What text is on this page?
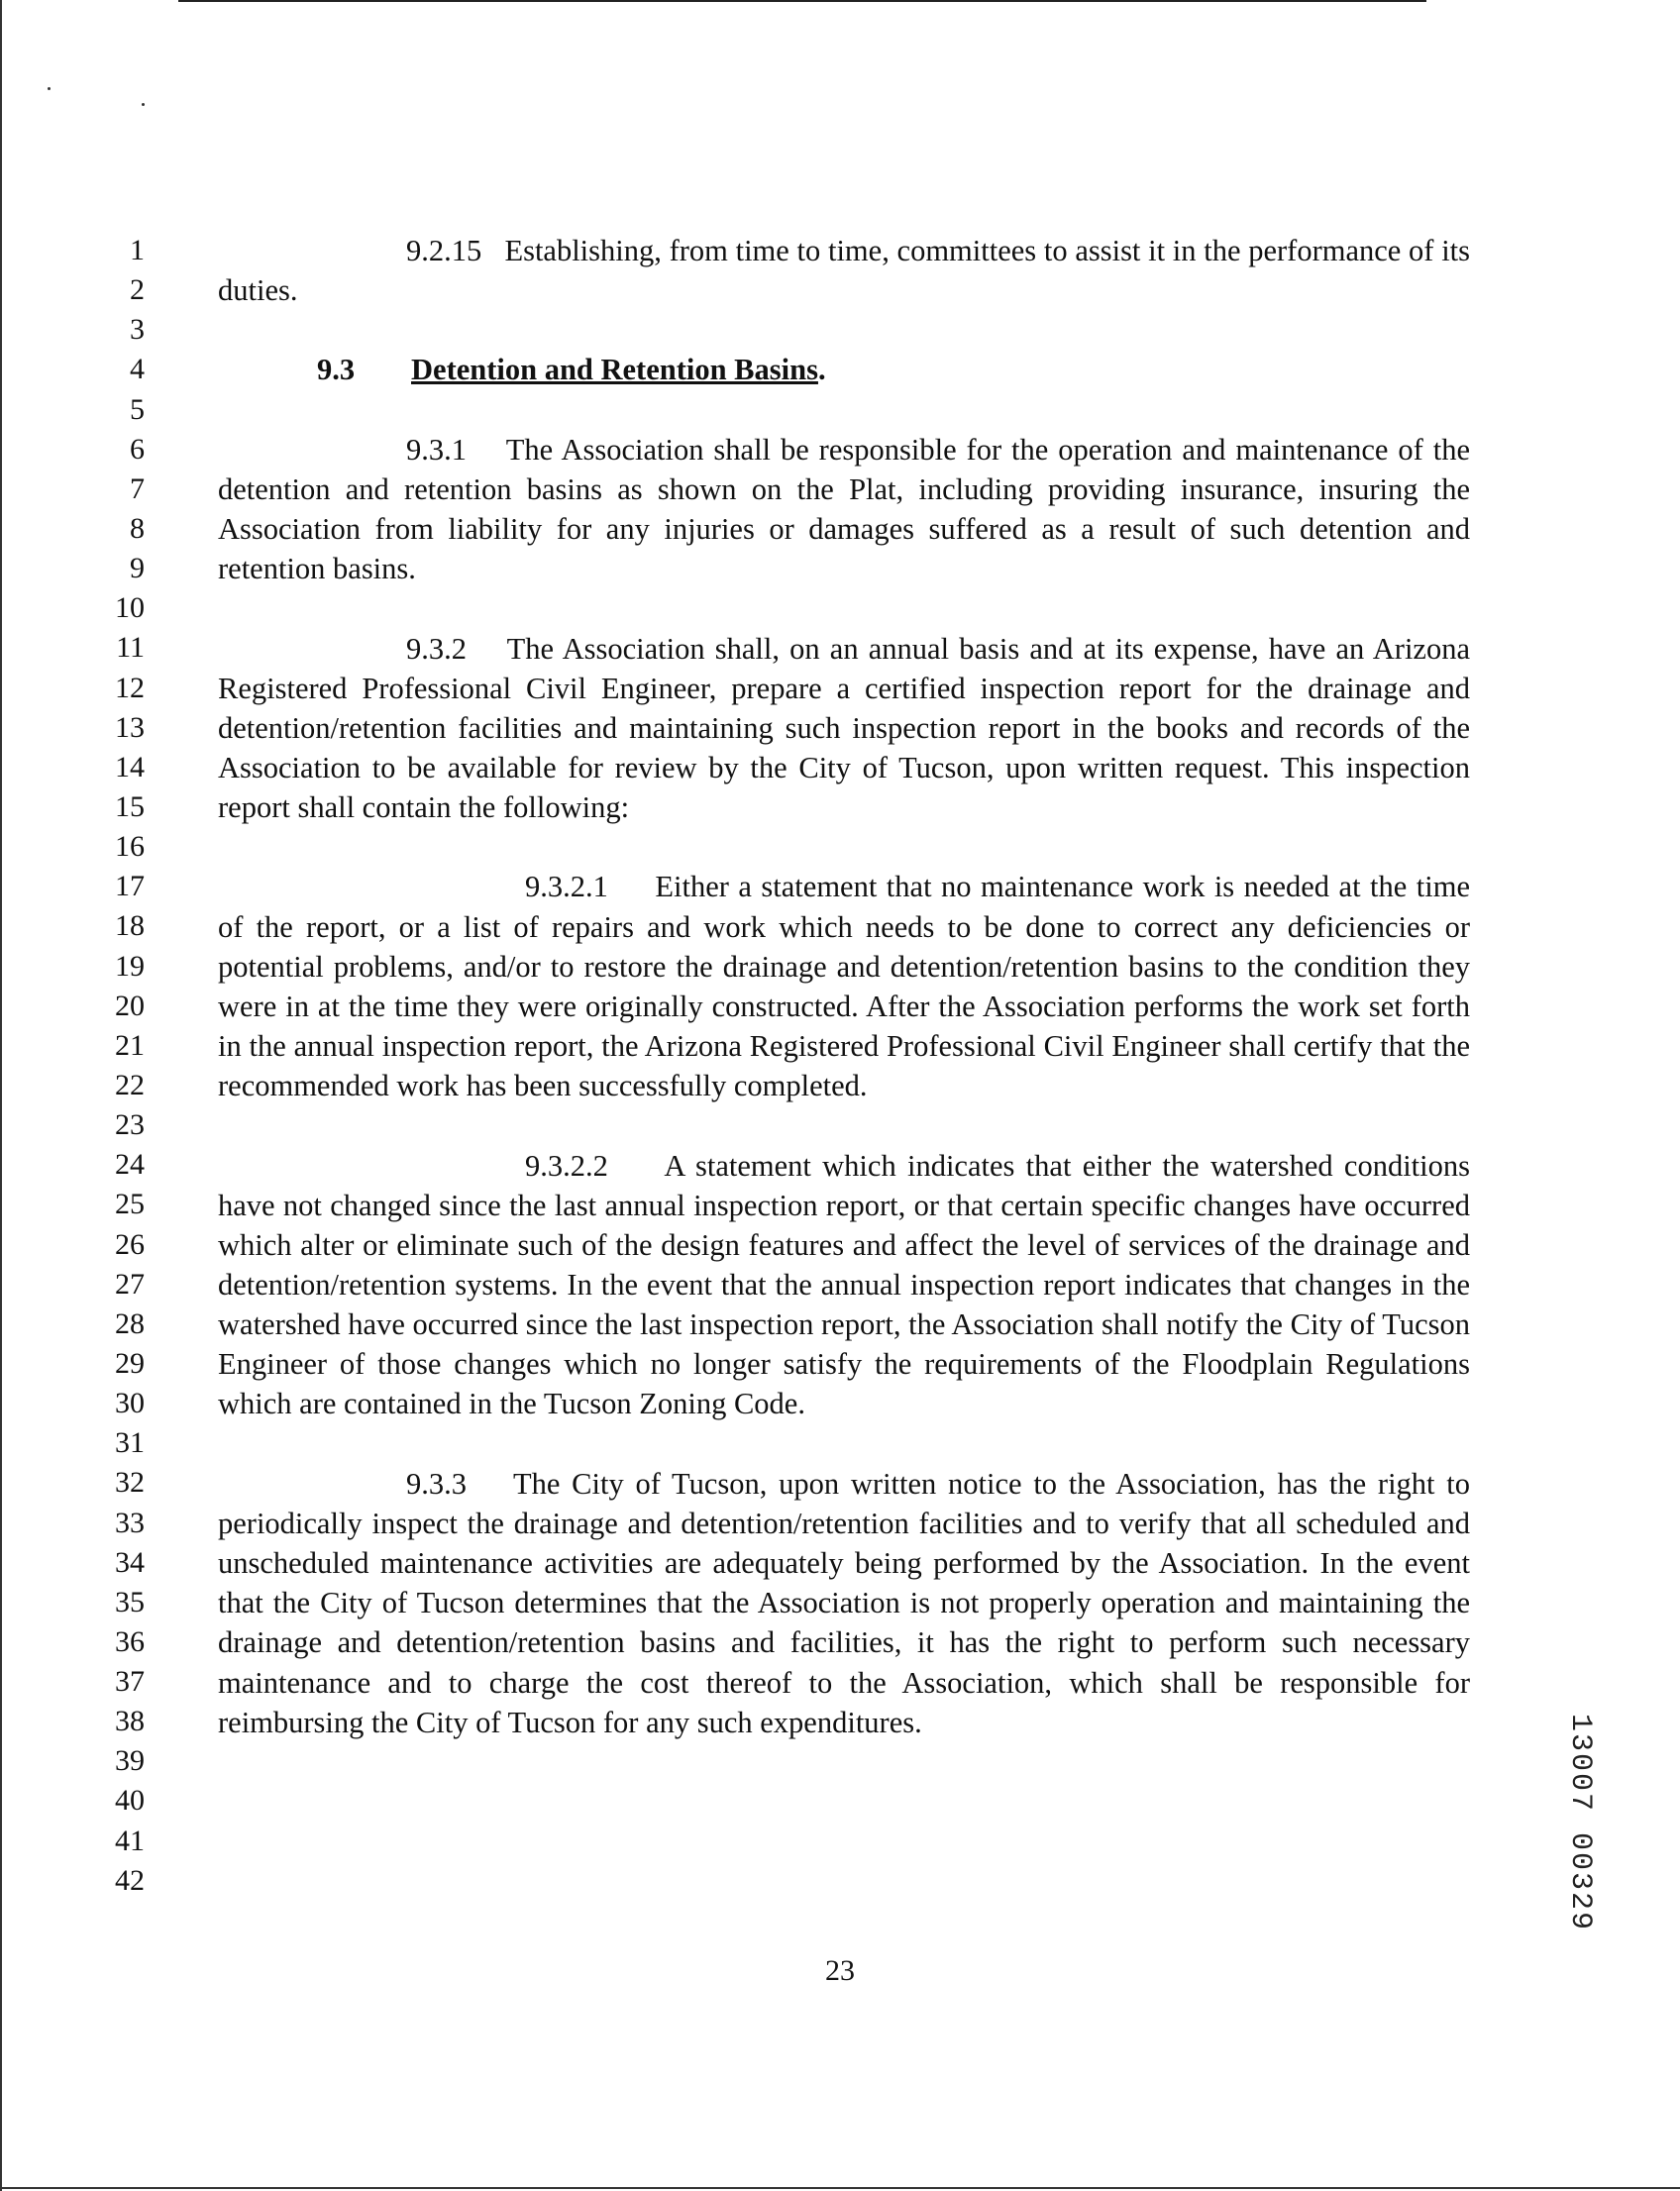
1
2
3
4
5
6
7
8
9
10
11
12
13
14
15
16
17
18
19
20
21
22
23
24
25
26
27
28
29
30
31
32
33
34
35
36
37
38
39
40
41
42

9.2.15 Establishing, from time to time, committees to assist it in the performance of its duties.

9.3 Detention and Retention Basins.

9.3.1 The Association shall be responsible for the operation and maintenance of the detention and retention basins as shown on the Plat, including providing insurance, insuring the Association from liability for any injuries or damages suffered as a result of such detention and retention basins.

9.3.2 The Association shall, on an annual basis and at its expense, have an Arizona Registered Professional Civil Engineer, prepare a certified inspection report for the drainage and detention/retention facilities and maintaining such inspection report in the books and records of the Association to be available for review by the City of Tucson, upon written request. This inspection report shall contain the following:

9.3.2.1 Either a statement that no maintenance work is needed at the time of the report, or a list of repairs and work which needs to be done to correct any deficiencies or potential problems, and/or to restore the drainage and detention/retention basins to the condition they were in at the time they were originally constructed. After the Association performs the work set forth in the annual inspection report, the Arizona Registered Professional Civil Engineer shall certify that the recommended work has been successfully completed.

9.3.2.2 A statement which indicates that either the watershed conditions have not changed since the last annual inspection report, or that certain specific changes have occurred which alter or eliminate such of the design features and affect the level of services of the drainage and detention/retention systems. In the event that the annual inspection report indicates that changes in the watershed have occurred since the last inspection report, the Association shall notify the City of Tucson Engineer of those changes which no longer satisfy the requirements of the Floodplain Regulations which are contained in the Tucson Zoning Code.

9.3.3 The City of Tucson, upon written notice to the Association, has the right to periodically inspect the drainage and detention/retention facilities and to verify that all scheduled and unscheduled maintenance activities are adequately being performed by the Association. In the event that the City of Tucson determines that the Association is not properly operation and maintaining the drainage and detention/retention basins and facilities, it has the right to perform such necessary maintenance and to charge the cost thereof to the Association, which shall be responsible for reimbursing the City of Tucson for any such expenditures.

23
13007 00329
